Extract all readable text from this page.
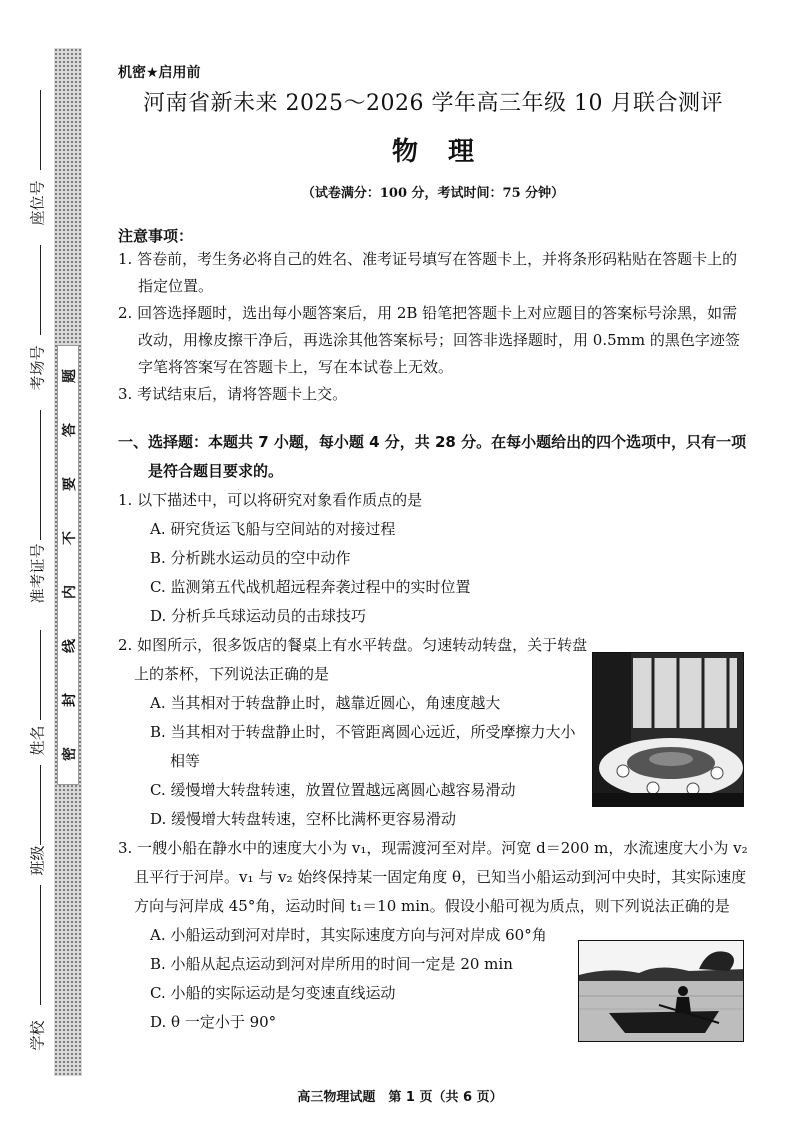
题
答
要
不
内
线
封
密
座位号
考场号
准考证号
姓名
班级
学校
机密★启用前
河南省新未来 2025～2026 学年高三年级 10 月联合测评
物理
（试卷满分：100 分，考试时间：75 分钟）
注意事项：
1. 答卷前，考生务必将自己的姓名、准考证号填写在答题卡上，并将条形码粘贴在答题卡上的指定位置。
2. 回答选择题时，选出每小题答案后，用 2B 铅笔把答题卡上对应题目的答案标号涂黑，如需改动，用橡皮擦干净后，再选涂其他答案标号；回答非选择题时，用 0.5mm 的黑色字迹签字笔将答案写在答题卡上，写在本试卷上无效。
3. 考试结束后，请将答题卡上交。
一、选择题：本题共 7 小题，每小题 4 分，共 28 分。在每小题给出的四个选项中，只有一项是符合题目要求的。
1. 以下描述中，可以将研究对象看作质点的是
A. 研究货运飞船与空间站的对接过程
B. 分析跳水运动员的空中动作
C. 监测第五代战机超远程奔袭过程中的实时位置
D. 分析乒乓球运动员的击球技巧
2. 如图所示，很多饭店的餐桌上有水平转盘。匀速转动转盘，关于转盘上的茶杯，下列说法正确的是
A. 当其相对于转盘静止时，越靠近圆心，角速度越大
B. 当其相对于转盘静止时，不管距离圆心远近，所受摩擦力大小相等
C. 缓慢增大转盘转速，放置位置越远离圆心越容易滑动
D. 缓慢增大转盘转速，空杯比满杯更容易滑动
3. 一艘小船在静水中的速度大小为 v₁，现需渡河至对岸。河宽 d＝200 m，水流速度大小为 v₂ 且平行于河岸。v₁ 与 v₂ 始终保持某一固定角度 θ，已知当小船运动到河中央时，其实际速度方向与河岸成 45°角，运动时间 t₁＝10 min。假设小船可视为质点，则下列说法正确的是
A. 小船运动到河对岸时，其实际速度方向与河对岸成 60°角
B. 小船从起点运动到河对岸所用的时间一定是 20 min
C. 小船的实际运动是匀变速直线运动
D. θ 一定小于 90°
高三物理试题　第 1 页（共 6 页）
